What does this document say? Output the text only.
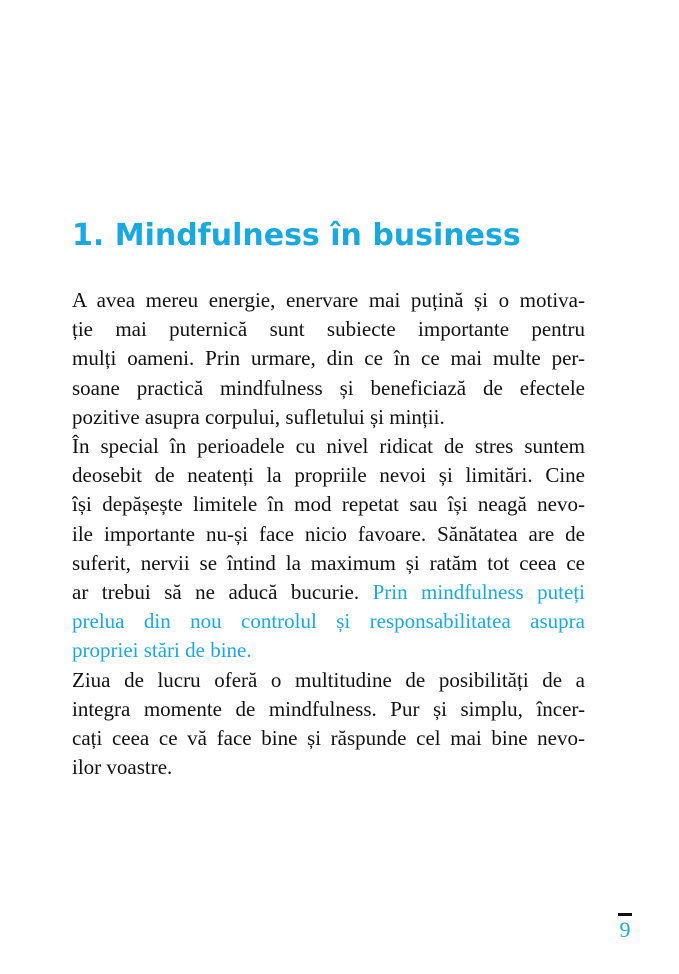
1. Mindfulness în business
A avea mereu energie, enervare mai puțină și o motiva-
ție mai puternică sunt subiecte importante pentru
mulți oameni. Prin urmare, din ce în ce mai multe per-
soane practică mindfulness și beneficiază de efectele
pozitive asupra corpului, sufletului și minții.
În special în perioadele cu nivel ridicat de stres suntem
deosebit de neatenți la propriile nevoi și limitări. Cine
își depășește limitele în mod repetat sau își neagă nevo-
ile importante nu-și face nicio favoare. Sănătatea are de
suferit, nervii se întind la maximum și ratăm tot ceea ce
ar trebui să ne aducă bucurie. Prin mindfulness puteți
prelua din nou controlul și responsabilitatea asupra
propriei stări de bine.
Ziua de lucru oferă o multitudine de posibilități de a
integra momente de mindfulness. Pur și simplu, încer-
cați ceea ce vă face bine și răspunde cel mai bine nevo-
ilor voastre.
9
